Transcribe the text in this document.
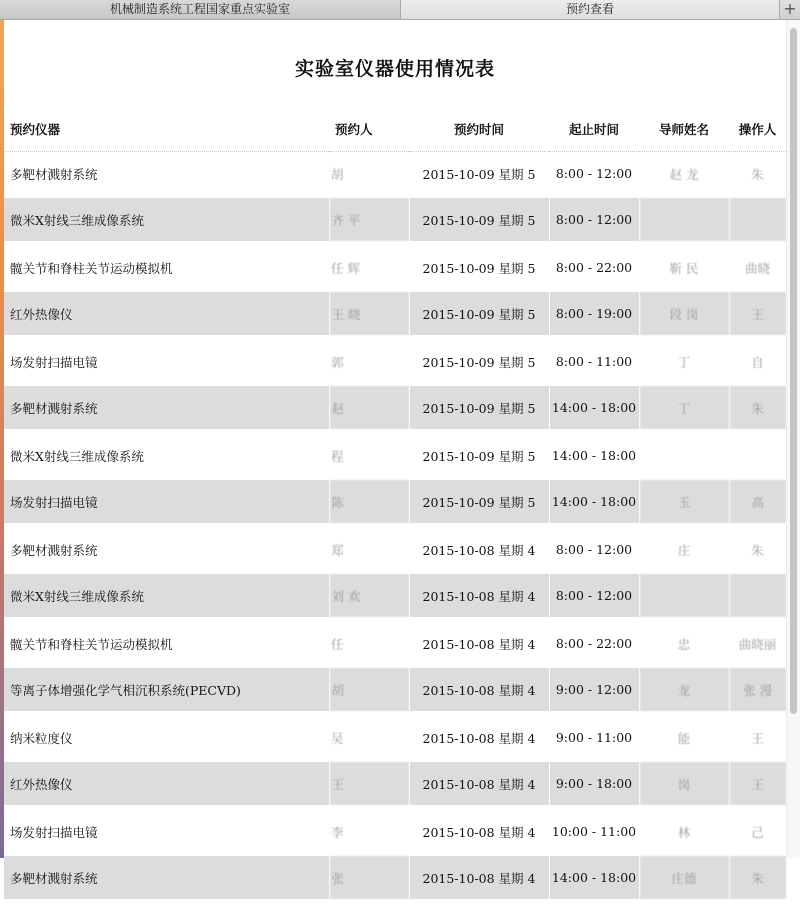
机械制造系统工程国家重点实验室	预约查看	+
实验室仪器使用情况表
预约仪器	预约人	预约时间	起止时间	导师姓名	操作人
多靶材溅射系统	胡	2015-10-09 星期 5	8:00 - 12:00	赵 龙	朱
微米X射线三维成像系统	齐 平	2015-10-09 星期 5	8:00 - 12:00		
髋关节和脊柱关节运动模拟机	任 辉	2015-10-09 星期 5	8:00 - 22:00	靳 民	曲晓
红外热像仪	王 晓	2015-10-09 星期 5	8:00 - 19:00	段 岗	王
场发射扫描电镜	郭	2015-10-09 星期 5	8:00 - 11:00	丁	自
多靶材溅射系统	赵	2015-10-09 星期 5	14:00 - 18:00	丁	朱
微米X射线三维成像系统	程	2015-10-09 星期 5	14:00 - 18:00		
场发射扫描电镜	陈	2015-10-09 星期 5	14:00 - 18:00	玉	高
多靶材溅射系统	郑	2015-10-08 星期 4	8:00 - 12:00	庄	朱
微米X射线三维成像系统	刘 欢	2015-10-08 星期 4	8:00 - 12:00		
髋关节和脊柱关节运动模拟机	任	2015-10-08 星期 4	8:00 - 22:00	忠	曲晓丽
等离子体增强化学气相沉积系统(PECVD)	胡	2015-10-08 星期 4	9:00 - 12:00	龙	张 漫
纳米粒度仪	吴	2015-10-08 星期 4	9:00 - 11:00	能	王
红外热像仪	王	2015-10-08 星期 4	9:00 - 18:00	岗	王
场发射扫描电镜	李	2015-10-08 星期 4	10:00 - 11:00	林	己
多靶材溅射系统	张	2015-10-08 星期 4	14:00 - 18:00	庄德	朱
